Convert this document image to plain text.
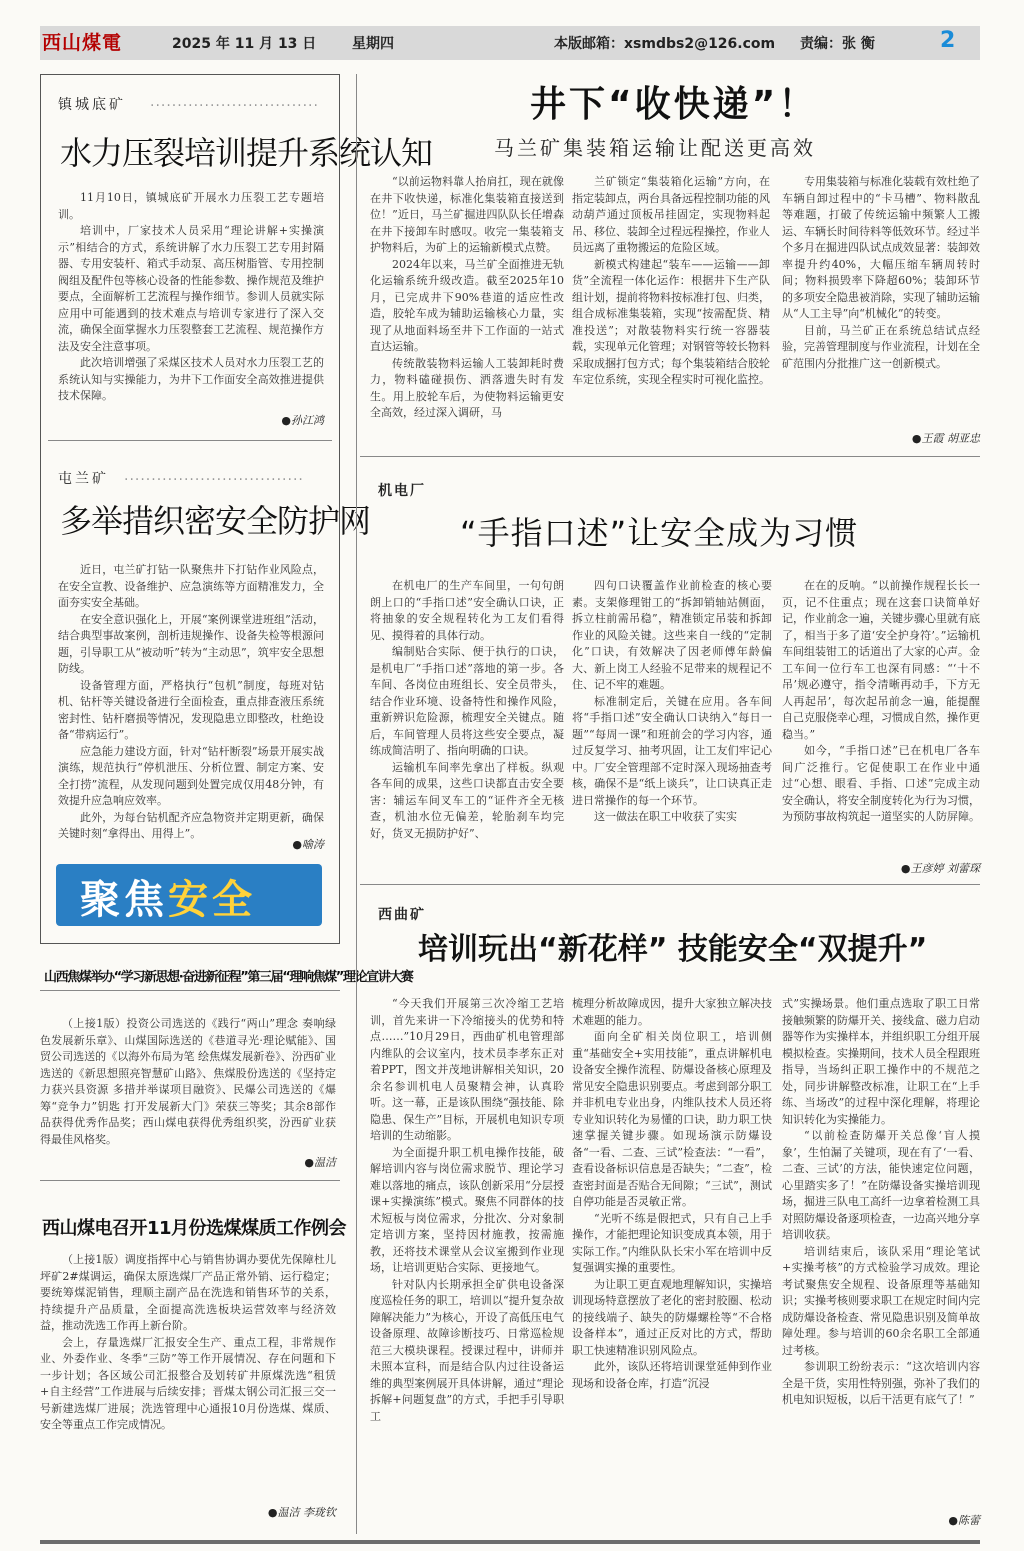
西山煤電	2025 年 11 月 13 日	星期四	本版邮箱：xsmdbs2@126.com 责编：张 衡	2
镇城底矿 ·······························
水力压裂培训提升系统认知

11月10日，镇城底矿开展水力压裂工艺专题培训。

培训中，厂家技术人员采用“理论讲解+实操演示”相结合的方式，系统讲解了水力压裂工艺专用封隔器、专用安装杆、箱式手动泵、高压树脂管、专用控制阀组及配件包等核心设备的性能参数、操作规范及维护要点，全面解析工艺流程与操作细节。参训人员就实际应用中可能遇到的技术难点与培训专家进行了深入交流，确保全面掌握水力压裂整套工艺流程、规范操作方法及安全注意事项。

此次培训增强了采煤区技术人员对水力压裂工艺的系统认知与实操能力，为井下工作面安全高效推进提供技术保障。

●孙江鸿
屯兰矿 ·································
多举措织密安全防护网

近日，屯兰矿打钻一队聚焦井下打钻作业风险点，在安全宣教、设备维护、应急演练等方面精准发力，全面夯实安全基础。

在安全意识强化上，开展“案例课堂进班组”活动，结合典型事故案例，剖析违规操作、设备失检等根源问题，引导职工从“被动听”转为“主动思”，筑牢安全思想防线。

设备管理方面，严格执行“包机”制度，每班对钻机、钻杆等关键设备进行全面检查，重点排查液压系统密封性、钻杆磨损等情况，发现隐患立即整改，杜绝设备“带病运行”。

应急能力建设方面，针对“钻杆断裂”场景开展实战演练，规范执行“停机泄压、分析位置、制定方案、安全打捞”流程，从发现问题到处置完成仅用48分钟，有效提升应急响应效率。

此外，为每台钻机配齐应急物资并定期更新，确保关键时刻“拿得出、用得上”。

●喻涛
聚焦安全
山西焦煤举办“学习新思想·奋进新征程”第三届“理响焦煤”理论宣讲大赛

（上接1版）投资公司选送的《践行“两山”理念 奏响绿色发展新乐章》、山煤国际选送的《巷道寻光·理论赋能》、国贸公司选送的《以海外布局为笔 绘焦煤发展新卷》、汾西矿业选送的《新思想照亮智慧矿山路》、焦煤股份选送的《坚持定力获兴县资源 多措并举谋项目融资》、民爆公司选送的《爆筹“竞争力”钥匙 打开发展新大门》荣获三等奖；其余8部作品获得优秀作品奖；西山煤电获得优秀组织奖，汾西矿业获得最佳风格奖。

●温洁
西山煤电召开11月份选煤煤质工作例会

（上接1版）调度指挥中心与销售协调办要优先保障杜儿坪矿2#煤调运，确保太原选煤厂产品正常外销、运行稳定；要统筹煤泥销售，理顺主副产品在洗选和销售环节的关系，持续提升产品质量，全面提高洗选板块运营效率与经济效益，推动洗选工作再上新台阶。

会上，存量选煤厂汇报安全生产、重点工程，非常规作业、外委作业、冬季“三防”等工作开展情况、存在问题和下一步计划；各区域公司汇报整合及划转矿井原煤洗选“租赁+自主经营”工作进展与后续安排；晋煤太钢公司汇报三交一号新建选煤厂进展；洗选管理中心通报10月份选煤、煤质、安全等重点工作完成情况。

●温洁 李珑钦
井下“收快递”！
马兰矿集装箱运输让配送更高效

“以前运物料靠人抬肩扛，现在就像在井下收快递，标准化集装箱直接送到位！”近日，马兰矿掘进四队队长任增森在井下接卸车时感叹。收完一集装箱支护物料后，为矿上的运输新模式点赞。

2024年以来，马兰矿全面推进无轨化运输系统升级改造。截至2025年10月，已完成井下90%巷道的适应性改造，胶轮车成为辅助运输核心力量，实现了从地面料场至井下工作面的一站式直达运输。

传统散装物料运输人工装卸耗时费力，物料磕碰损伤、洒落遗失时有发生。用上胶轮车后，为使物料运输更安全高效，经过深入调研，马

兰矿锁定“集装箱化运输”方向，在指定装卸点，两台具备远程控制功能的风动葫芦通过顶板吊挂固定，实现物料起吊、移位、装卸全过程远程操控，作业人员远离了重物搬运的危险区域。

新模式构建起“装车——运输——卸货”全流程一体化运作：根据井下生产队组计划，提前将物料按标准打包、归类，组合成标准集装箱，实现“按需配货、精准投送”；对散装物料实行统一容器装载，实现单元化管理；对钢管等较长物料采取成捆打包方式；每个集装箱结合胶轮车定位系统，实现全程实时可视化监控。

专用集装箱与标准化装载有效杜绝了车辆自卸过程中的“卡马槽”、物料散乱等难题，打破了传统运输中频繁人工搬运、车辆长时间待料等低效环节。经过半个多月在掘进四队试点成效显著：装卸效率提升约40%，大幅压缩车辆周转时间；物料损毁率下降超60%；装卸环节的多项安全隐患被消除，实现了辅助运输从“人工主导”向“机械化”的转变。

目前，马兰矿正在系统总结试点经验，完善管理制度与作业流程，计划在全矿范围内分批推广这一创新模式。

●王霞 胡亚忠
机电厂
“手指口述”让安全成为习惯

在机电厂的生产车间里，一句句朗朗上口的“手指口述”安全确认口诀，正将抽象的安全规程转化为工友们看得见、摸得着的具体行动。

编制贴合实际、便于执行的口诀，是机电厂“手指口述”落地的第一步。各车间、各岗位由班组长、安全员带头，结合作业环境、设备特性和操作风险，重新辨识危险源，梳理安全关键点。随后，车间管理人员将这些安全要点，凝练成简洁明了、指向明确的口诀。

运输机车间率先拿出了样板。纵观各车间的成果，这些口诀都直击安全要害：辅运车间叉车工的“证件齐全无核查，机油水位无偏差，轮胎刹车均完好，货叉无损防护好”、

四句口诀覆盖作业前检查的核心要素。支架修理钳工的“拆卸销轴站侧面，拆立柱前需吊稳”，精准锁定吊装和拆卸作业的风险关键。这些来自一线的“定制化”口诀，有效解决了因老师傅年龄偏大、新上岗工人经验不足带来的规程记不住、记不牢的难题。

标准制定后，关键在应用。各车间将“手指口述”安全确认口诀纳入“每日一题”“每周一课”和班前会的学习内容，通过反复学习、抽考巩固，让工友们牢记心中。厂安全管理部不定时深入现场抽查考核，确保不是“纸上谈兵”，让口诀真正走进日常操作的每一个环节。

这一做法在职工中收获了实实

在在的反响。“以前操作规程长长一页，记不住重点；现在这套口诀简单好记，作业前念一遍，关键步骤心里就有底了，相当于多了道‘安全护身符’。”运输机车间组装钳工的话道出了大家的心声。金工车间一位行车工也深有同感：“‘十不吊’规必遵守，指令清晰再动手，下方无人再起吊’，每次起吊前念一遍，能提醒自己克服侥幸心理，习惯成自然，操作更稳当。”

如今，“手指口述”已在机电厂各车间广泛推行。它促使职工在作业中通过“心想、眼看、手指、口述”完成主动安全确认，将安全制度转化为行为习惯，为预防事故构筑起一道坚实的人防屏障。

●王彦婷 刘蕾琛
西曲矿
培训玩出“新花样” 技能安全“双提升”

“今天我们开展第三次冷缩工艺培训，首先来讲一下冷缩接头的优势和特点……”10月29日，西曲矿机电管理部内维队的会议室内，技术员李孝东正对着PPT，图文并茂地讲解相关知识，20余名参训机电人员聚精会神，认真聆听。这一幕，正是该队围绕“强技能、除隐患、保生产”目标，开展机电知识专项培训的生动缩影。

为全面提升职工机电操作技能，破解培训内容与岗位需求脱节、理论学习难以落地的痛点，该队创新采用“分层授课+实操演练”模式。聚焦不同群体的技术短板与岗位需求，分批次、分对象制定培训方案，坚持因材施教，按需施教，还将技术课堂从会议室搬到作业现场，让培训更贴合实际、更接地气。

针对队内长期承担全矿供电设备深度巡检任务的职工，培训以“提升复杂故障解决能力”为核心，开设了高低压电气设备原理、故障诊断技巧、日常巡检规范三大模块课程。授课过程中，讲师并未照本宣科，而是结合队内过往设备运维的典型案例展开具体讲解，通过“理论拆解+问题复盘”的方式，手把手引导职工

梳理分析故障成因，提升大家独立解决技术难题的能力。

面向全矿相关岗位职工，培训侧重“基础安全+实用技能”，重点讲解机电设备安全操作流程、防爆设备核心原理及常见安全隐患识别要点。考虑到部分职工并非机电专业出身，内维队技术人员还将专业知识转化为易懂的口诀，助力职工快速掌握关键步骤。如现场演示防爆设备“一看、二查、三试”检查法：“一看”，查看设备标识信息是否缺失；“二查”，检查密封面是否贴合无间隙；“三试”，测试自停功能是否灵敏正常。

“光听不练是假把式，只有自己上手操作，才能把理论知识变成真本领，用于实际工作。”内维队队长宋小军在培训中反复强调实操的重要性。

为让职工更直观地理解知识，实操培训现场特意摆放了老化的密封胶圈、松动的接线端子、缺失的防爆螺栓等“不合格设备样本”，通过正反对比的方式，帮助职工快速精准识别风险点。

此外，该队还将培训课堂延伸到作业现场和设备仓库，打造“沉浸

式”实操场景。他们重点选取了职工日常接触频繁的防爆开关、接线盒、磁力启动器等作为实操样本，并组织职工分组开展模拟检查。实操期间，技术人员全程跟班指导，当场纠正职工操作中的不规范之处，同步讲解整改标准，让职工在“上手练、当场改”的过程中深化理解，将理论知识转化为实操能力。

“以前检查防爆开关总像‘盲人摸象’，生怕漏了关键项，现在有了‘一看、二查、三试’的方法，能快速定位问题，心里踏实多了！”在防爆设备实操培训现场，掘进三队电工高纤一边拿着检测工具对照防爆设备逐项检查，一边高兴地分享培训收获。

培训结束后，该队采用“理论笔试+实操考核”的方式检验学习成效。理论考试聚焦安全规程、设备原理等基础知识；实操考核则要求职工在规定时间内完成防爆设备检查、常见隐患识别及简单故障处理。参与培训的60余名职工全部通过考核。

参训职工纷纷表示：“这次培训内容全是干货，实用性特别强，弥补了我们的机电知识短板，以后干活更有底气了！”

●陈蕾
